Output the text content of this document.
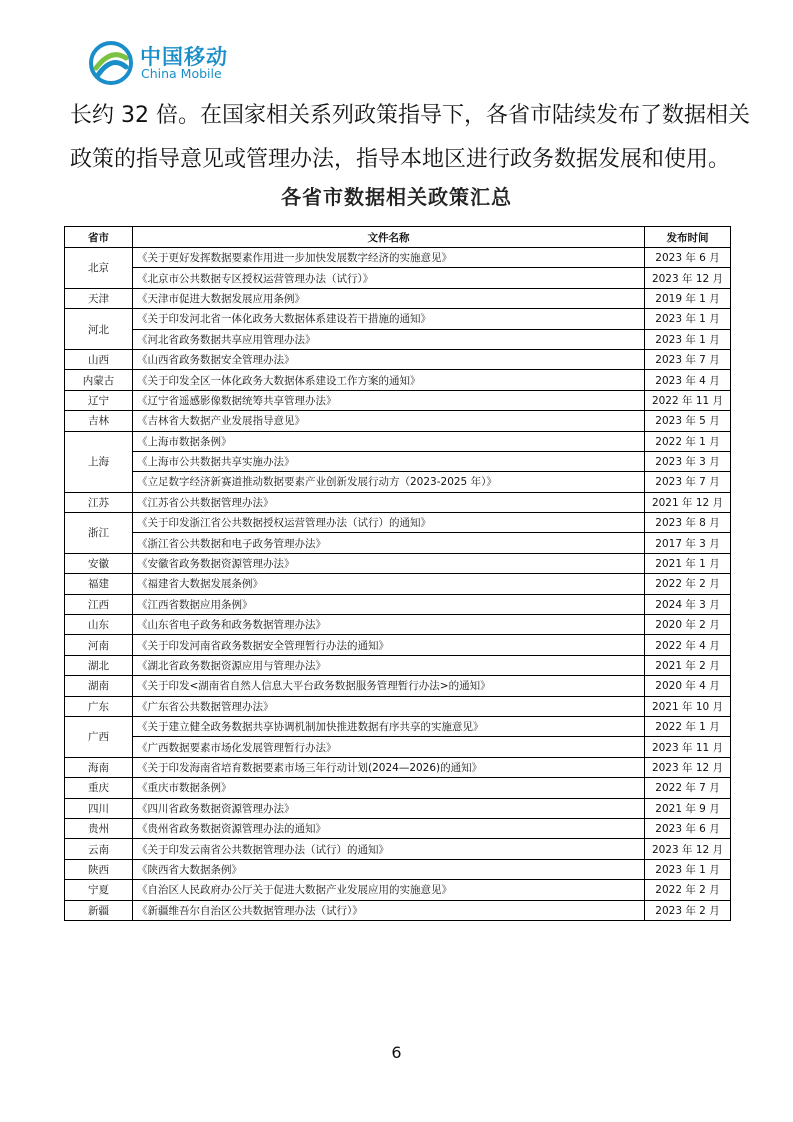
中国移动
China Mobile
长约 32 倍。在国家相关系列政策指导下，各省市陆续发布了数据相关
政策的指导意见或管理办法，指导本地区进行政务数据发展和使用。
各省市数据相关政策汇总
省市	文件名称	发布时间
北京	《关于更好发挥数据要素作用进一步加快发展数字经济的实施意见》	2023 年 6 月
	《北京市公共数据专区授权运营管理办法（试行）》	2023 年 12 月
天津	《天津市促进大数据发展应用条例》	2019 年 1 月
河北	《关于印发河北省一体化政务大数据体系建设若干措施的通知》	2023 年 1 月
	《河北省政务数据共享应用管理办法》	2023 年 1 月
山西	《山西省政务数据安全管理办法》	2023 年 7 月
内蒙古	《关于印发全区一体化政务大数据体系建设工作方案的通知》	2023 年 4 月
辽宁	《辽宁省遥感影像数据统筹共享管理办法》	2022 年 11 月
吉林	《吉林省大数据产业发展指导意见》	2023 年 5 月
上海	《上海市数据条例》	2022 年 1 月
	《上海市公共数据共享实施办法》	2023 年 3 月
	《立足数字经济新赛道推动数据要素产业创新发展行动方（2023-2025 年）》	2023 年 7 月
江苏	《江苏省公共数据管理办法》	2021 年 12 月
浙江	《关于印发浙江省公共数据授权运营管理办法（试行）的通知》	2023 年 8 月
	《浙江省公共数据和电子政务管理办法》	2017 年 3 月
安徽	《安徽省政务数据资源管理办法》	2021 年 1 月
福建	《福建省大数据发展条例》	2022 年 2 月
江西	《江西省数据应用条例》	2024 年 3 月
山东	《山东省电子政务和政务数据管理办法》	2020 年 2 月
河南	《关于印发河南省政务数据安全管理暂行办法的通知》	2022 年 4 月
湖北	《湖北省政务数据资源应用与管理办法》	2021 年 2 月
湖南	《关于印发<湖南省自然人信息大平台政务数据服务管理暂行办法>的通知》	2020 年 4 月
广东	《广东省公共数据管理办法》	2021 年 10 月
广西	《关于建立健全政务数据共享协调机制加快推进数据有序共享的实施意见》	2022 年 1 月
	《广西数据要素市场化发展管理暂行办法》	2023 年 11 月
海南	《关于印发海南省培育数据要素市场三年行动计划(2024—2026)的通知》	2023 年 12 月
重庆	《重庆市数据条例》	2022 年 7 月
四川	《四川省政务数据资源管理办法》	2021 年 9 月
贵州	《贵州省政务数据资源管理办法的通知》	2023 年 6 月
云南	《关于印发云南省公共数据管理办法（试行）的通知》	2023 年 12 月
陕西	《陕西省大数据条例》	2023 年 1 月
宁夏	《自治区人民政府办公厅关于促进大数据产业发展应用的实施意见》	2022 年 2 月
新疆	《新疆维吾尔自治区公共数据管理办法（试行）》	2023 年 2 月
6
